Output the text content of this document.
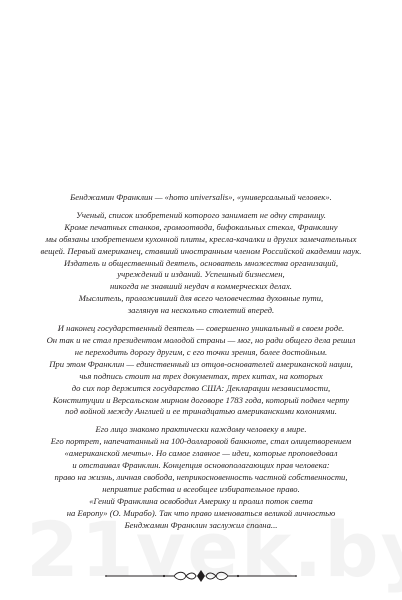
Бенджамин Франклин — «homo universalis», «универсальный человек».

Ученый, список изобретений которого занимает не одну страницу.
Кроме печатных станков, громоотвода, бифокальных стекол, Франклину
мы обязаны изобретением кухонной плиты, кресла-качалки и других замечательных
вещей. Первый американец, ставший иностранным членом Российской академии наук.
Издатель и общественный деятель, основатель множества организаций,
учреждений и изданий. Успешный бизнесмен,
никогда не знавший неудач в коммерческих делах.
Мыслитель, проложивший для всего человечества духовные пути,
заглянув на несколько столетий вперед.

И наконец государственный деятель — совершенно уникальный в своем роде.
Он так и не стал президентом молодой страны — мог, но ради общего дела решил
не переходить дорогу другим, с его точки зрения, более достойным.
При этом Франклин — единственный из отцов-основателей американской нации,
чья подпись стоит на трех документах, трех китах, на которых
до сих пор держится государство США: Декларации независимости,
Конституции и Версальском мирном договоре 1783 года, который подвел черту
под войной между Англией и ее тринадцатью американскими колониями.

Его лицо знакомо практически каждому человеку в мире.
Его портрет, напечатанный на 100-долларовой банкноте, стал олицетворением
«американской мечты». Но самое главное — идеи, которые проповедовал
и отстаивал Франклин. Концепция основополагающих прав человека:
право на жизнь, личная свобода, неприкосновенность частной собственности,
неприятие рабства и всеобщее избирательное право.
«Гений Франклина освободил Америку и пролил поток света
на Европу» (О. Мирабо). Так что право именоваться великой личностью
Бенджамин Франклин заслужил сполна...
